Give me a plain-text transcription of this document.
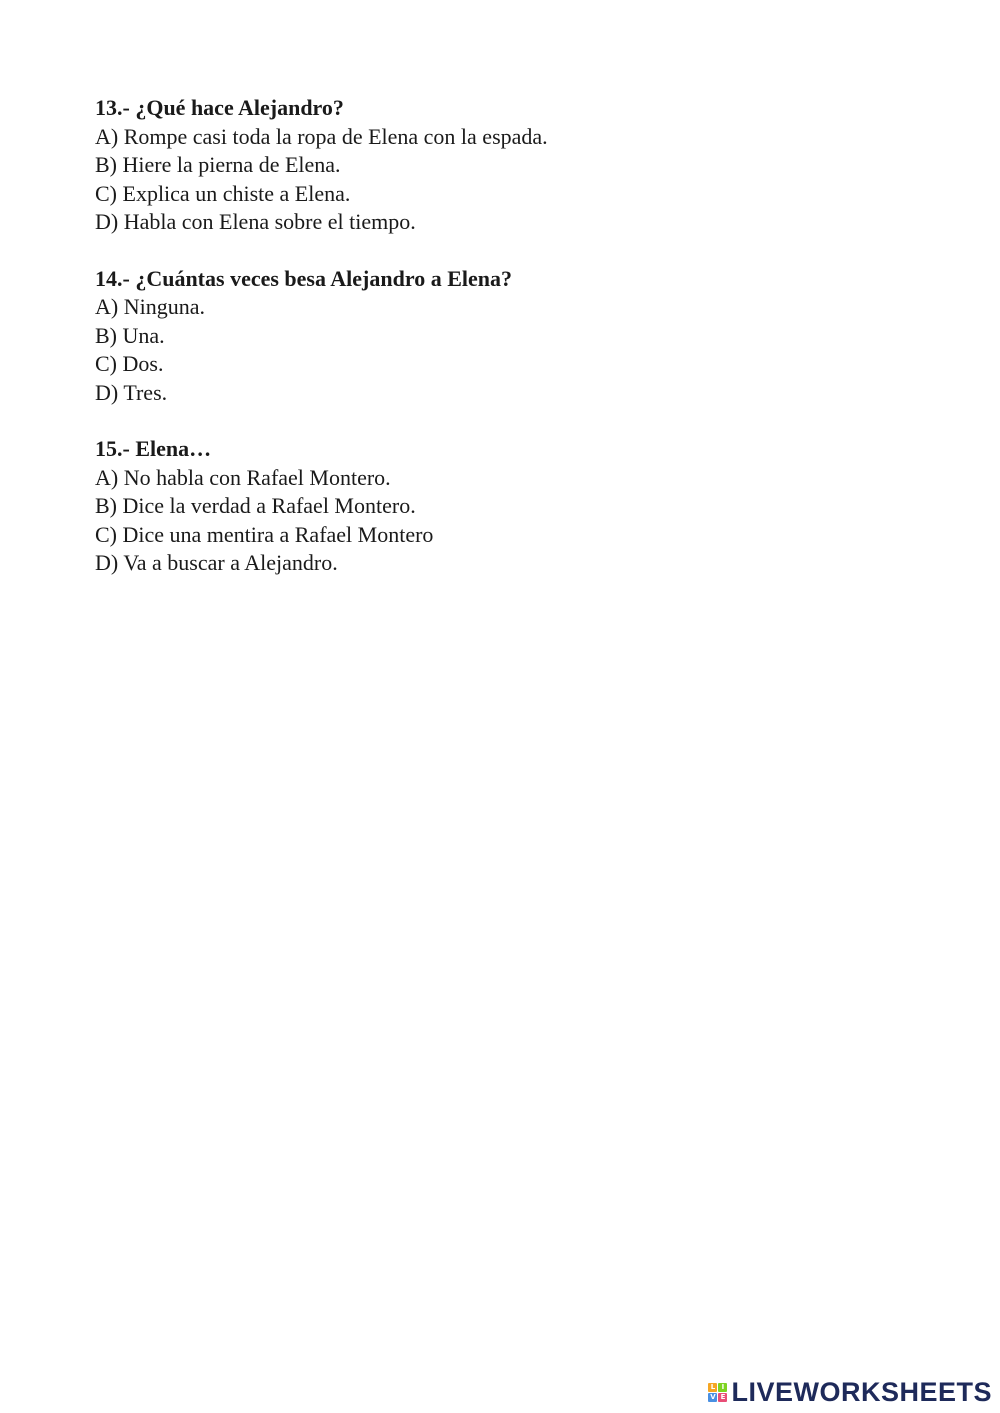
13.- ¿Qué hace Alejandro?

A) Rompe casi toda la ropa de Elena con la espada.

B) Hiere la pierna de Elena.

C) Explica un chiste a Elena.

D) Habla con Elena sobre el tiempo.

14.- ¿Cuántas veces besa Alejandro a Elena?

A) Ninguna.

B) Una.

C) Dos.

D) Tres.

15.- Elena…

A) No habla con Rafael Montero.

B) Dice la verdad a Rafael Montero.

C) Dice una mentira a Rafael Montero

D) Va a buscar a Alejandro.

L I
V E LIVEWORKSHEETS
